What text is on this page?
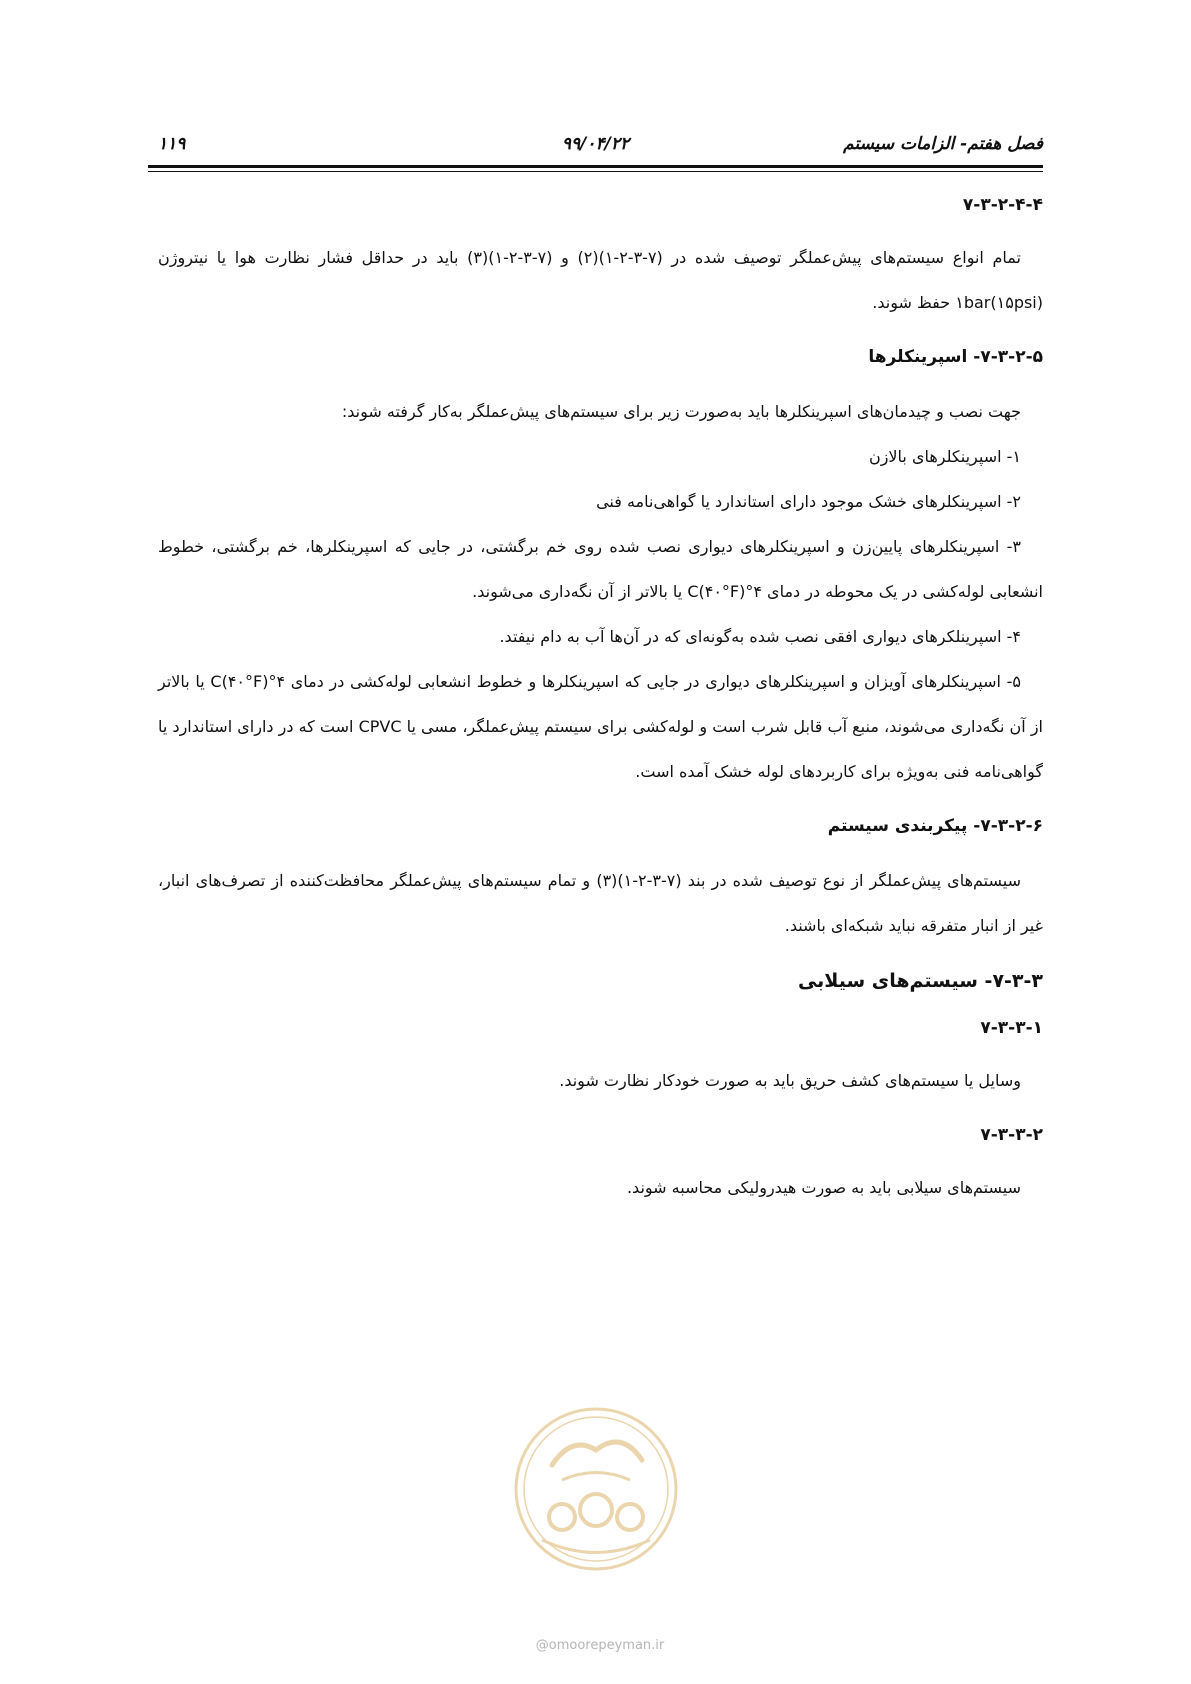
۱۱۹	۹۹/۰۴/۲۲	فصل هفتم- الزامات سیستم
۷-۳-۲-۴-۴

تمام انواع سیستم‌های پیش‌عملگر توصیف شده در (۷-۳-۲-۱)(۲) و (۷-۳-۲-۱)(۳) باید در حداقل فشار نظارت هوا یا نیتروژن ۱bar(۱۵psi) حفظ شوند.

۷-۳-۲-۵- اسپرینکلرها

جهت نصب و چیدمان‌های اسپرینکلرها باید به‌صورت زیر برای سیستم‌های پیش‌عملگر به‌کار گرفته شوند:

۱- اسپرینکلرهای بالازن

۲- اسپرینکلرهای خشک موجود دارای استاندارد یا گواهی‌نامه فنی

۳- اسپرینکلرهای پایین‌زن و اسپرینکلرهای دیواری نصب شده روی خم برگشتی، در جایی که اسپرینکلرها، خم برگشتی، خطوط انشعابی لوله‌کشی در یک محوطه در دمای ۴°C(۴۰°F) یا بالاتر از آن نگه‌داری می‌شوند.

۴- اسپرینلکرهای دیواری افقی نصب شده به‌گونه‌ای که در آن‌ها آب به دام نیفتد.

۵- اسپرینکلرهای آویزان و اسپرینکلرهای دیواری در جایی که اسپرینکلرها و خطوط انشعابی لوله‌کشی در دمای ۴°C(۴۰°F) یا بالاتر از آن نگه‌داری می‌شوند، منبع آب قابل شرب است و لوله‌کشی برای سیستم پیش‌عملگر، مسی یا CPVC است که در دارای استاندارد یا گواهی‌نامه فنی به‌ویژه برای کاربردهای لوله خشک آمده است.

۷-۳-۲-۶- پیکربندی سیستم

سیستم‌های پیش‌عملگر از نوع توصیف شده در بند (۷-۳-۲-۱)(۳) و تمام سیستم‌های پیش‌عملگر محافظت‌کننده از تصرف‌های انبار، غیر از انبار متفرقه نباید شبکه‌ای باشند.

۷-۳-۳- سیستم‌های سیلابی
۷-۳-۳-۱

وسایل یا سیستم‌های کشف حریق باید به صورت خودکار نظارت شوند.

۷-۳-۳-۲

سیستم‌های سیلابی باید به صورت هیدرولیکی محاسبه شوند.

@omoorepeyman.ir
